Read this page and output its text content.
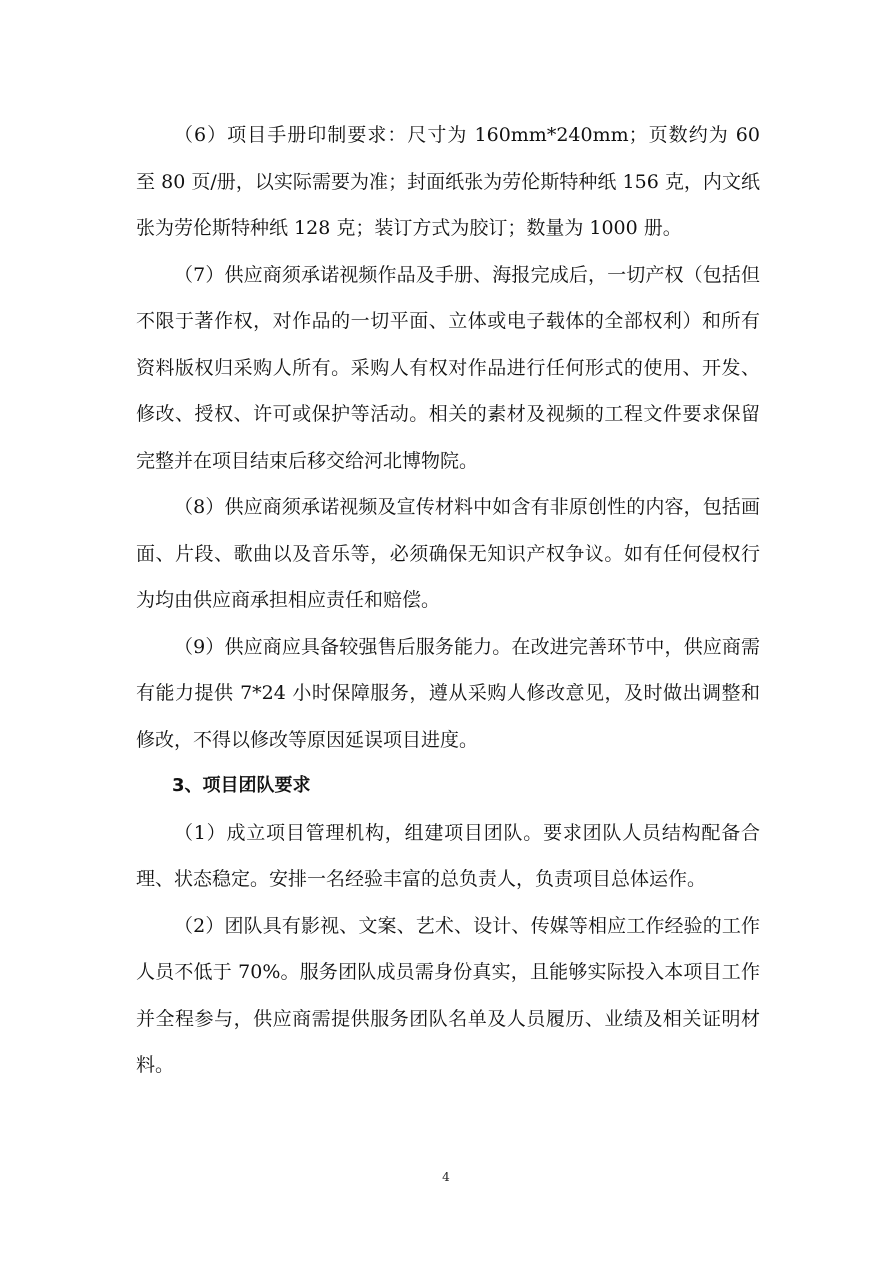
（6）项目手册印制要求：尺寸为 160mm*240mm；页数约为 60 至 80 页/册，以实际需要为准；封面纸张为劳伦斯特种纸 156 克，内文纸张为劳伦斯特种纸 128 克；装订方式为胶订；数量为 1000 册。

（7）供应商须承诺视频作品及手册、海报完成后，一切产权（包括但不限于著作权，对作品的一切平面、立体或电子载体的全部权利）和所有资料版权归采购人所有。采购人有权对作品进行任何形式的使用、开发、修改、授权、许可或保护等活动。相关的素材及视频的工程文件要求保留完整并在项目结束后移交给河北博物院。

（8）供应商须承诺视频及宣传材料中如含有非原创性的内容，包括画面、片段、歌曲以及音乐等，必须确保无知识产权争议。如有任何侵权行为均由供应商承担相应责任和赔偿。

（9）供应商应具备较强售后服务能力。在改进完善环节中，供应商需有能力提供 7*24 小时保障服务，遵从采购人修改意见，及时做出调整和修改，不得以修改等原因延误项目进度。

3、项目团队要求

（1）成立项目管理机构，组建项目团队。要求团队人员结构配备合理、状态稳定。安排一名经验丰富的总负责人，负责项目总体运作。

（2）团队具有影视、文案、艺术、设计、传媒等相应工作经验的工作人员不低于 70%。服务团队成员需身份真实，且能够实际投入本项目工作并全程参与，供应商需提供服务团队名单及人员履历、业绩及相关证明材料。

4
